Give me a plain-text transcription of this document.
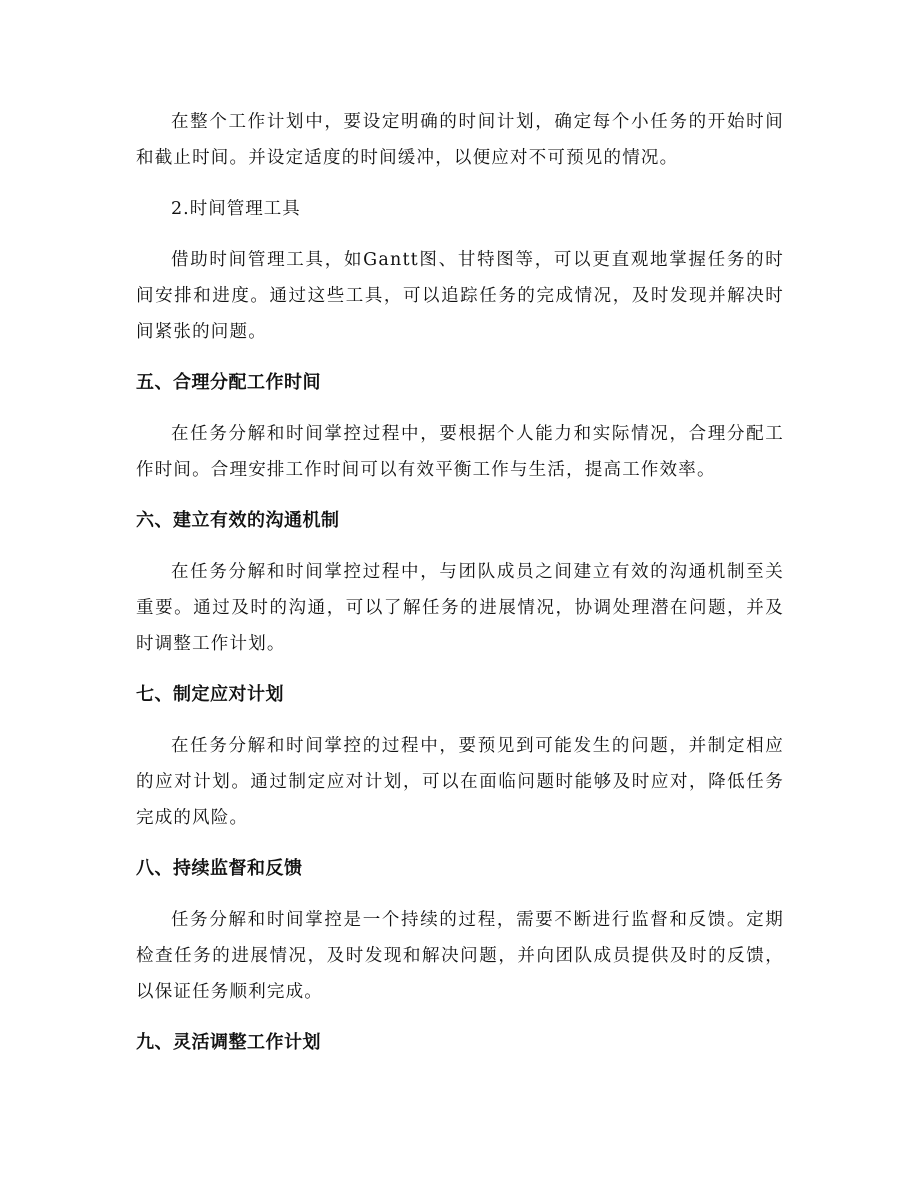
在整个工作计划中，要设定明确的时间计划，确定每个小任务的开始时间和截止时间。并设定适度的时间缓冲，以便应对不可预见的情况。

2.时间管理工具

借助时间管理工具，如Gantt图、甘特图等，可以更直观地掌握任务的时间安排和进度。通过这些工具，可以追踪任务的完成情况，及时发现并解决时间紧张的问题。

五、合理分配工作时间

在任务分解和时间掌控过程中，要根据个人能力和实际情况，合理分配工作时间。合理安排工作时间可以有效平衡工作与生活，提高工作效率。

六、建立有效的沟通机制

在任务分解和时间掌控过程中，与团队成员之间建立有效的沟通机制至关重要。通过及时的沟通，可以了解任务的进展情况，协调处理潜在问题，并及时调整工作计划。

七、制定应对计划

在任务分解和时间掌控的过程中，要预见到可能发生的问题，并制定相应的应对计划。通过制定应对计划，可以在面临问题时能够及时应对，降低任务完成的风险。

八、持续监督和反馈

任务分解和时间掌控是一个持续的过程，需要不断进行监督和反馈。定期检查任务的进展情况，及时发现和解决问题，并向团队成员提供及时的反馈，以保证任务顺利完成。

九、灵活调整工作计划
